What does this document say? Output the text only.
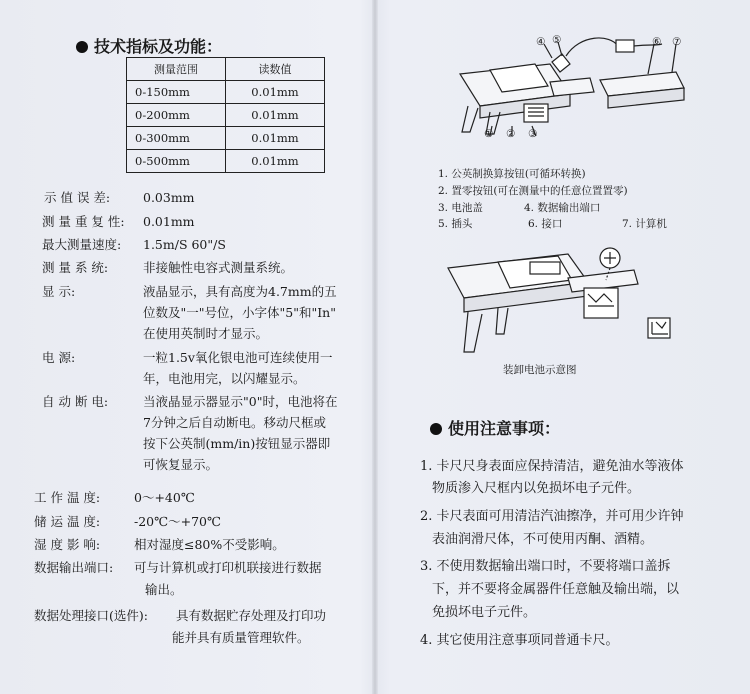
技术指标及功能：
测量范围	读数值
0-150mm	0.01mm
0-200mm	0.01mm
0-300mm	0.01mm
0-500mm	0.01mm
示 值 误 差:	0.03mm
测 量 重 复 性: 0.01mm
最大测量速度: 1.5m/S 60"/S
测 量 系 统:	非接触性电容式测量系统。
显 示:	液晶显示，具有高度为4.7mm的五
位数及"一"号位，小字体"5"和"In"
在使用英制时才显示。
电 源:	一粒1.5v氧化银电池可连续使用一
年，电池用完，以闪耀显示。
自 动 断 电:	当液晶显示器显示"0"时，电池将在
7分钟之后自动断电。移动尺框或
按下公英制(mm/in)按钮显示器即
可恢复显示。
工 作 温 度:	0～+40℃
储 运 温 度:	-20℃～+70℃
湿 度 影 响:	相对湿度≤80%不受影响。
数据输出端口: 可与计算机或打印机联接进行数据
输出。
数据处理接口(选件): 具有数据贮存处理及打印功
能并具有质量管理软件。
① ② ③
④ ⑤	⑥ ⑦
1. 公英制换算按钮(可循环转换)
2. 置零按钮(可在测量中的任意位置置零)
3. 电池盖	4. 数据输出端口
5. 插头	6. 接口	7. 计算机
装卸电池示意图
使用注意事项：
1. 卡尺尺身表面应保持清洁，避免油水等液体
物质渗入尺框内以免损坏电子元件。
2. 卡尺表面可用清洁汽油擦净，并可用少许钟
表油润滑尺体，不可使用丙酮、酒精。
3. 不使用数据输出端口时，不要将端口盖拆
下，并不要将金属器件任意触及输出端，以
免损坏电子元件。
4. 其它使用注意事项同普通卡尺。
